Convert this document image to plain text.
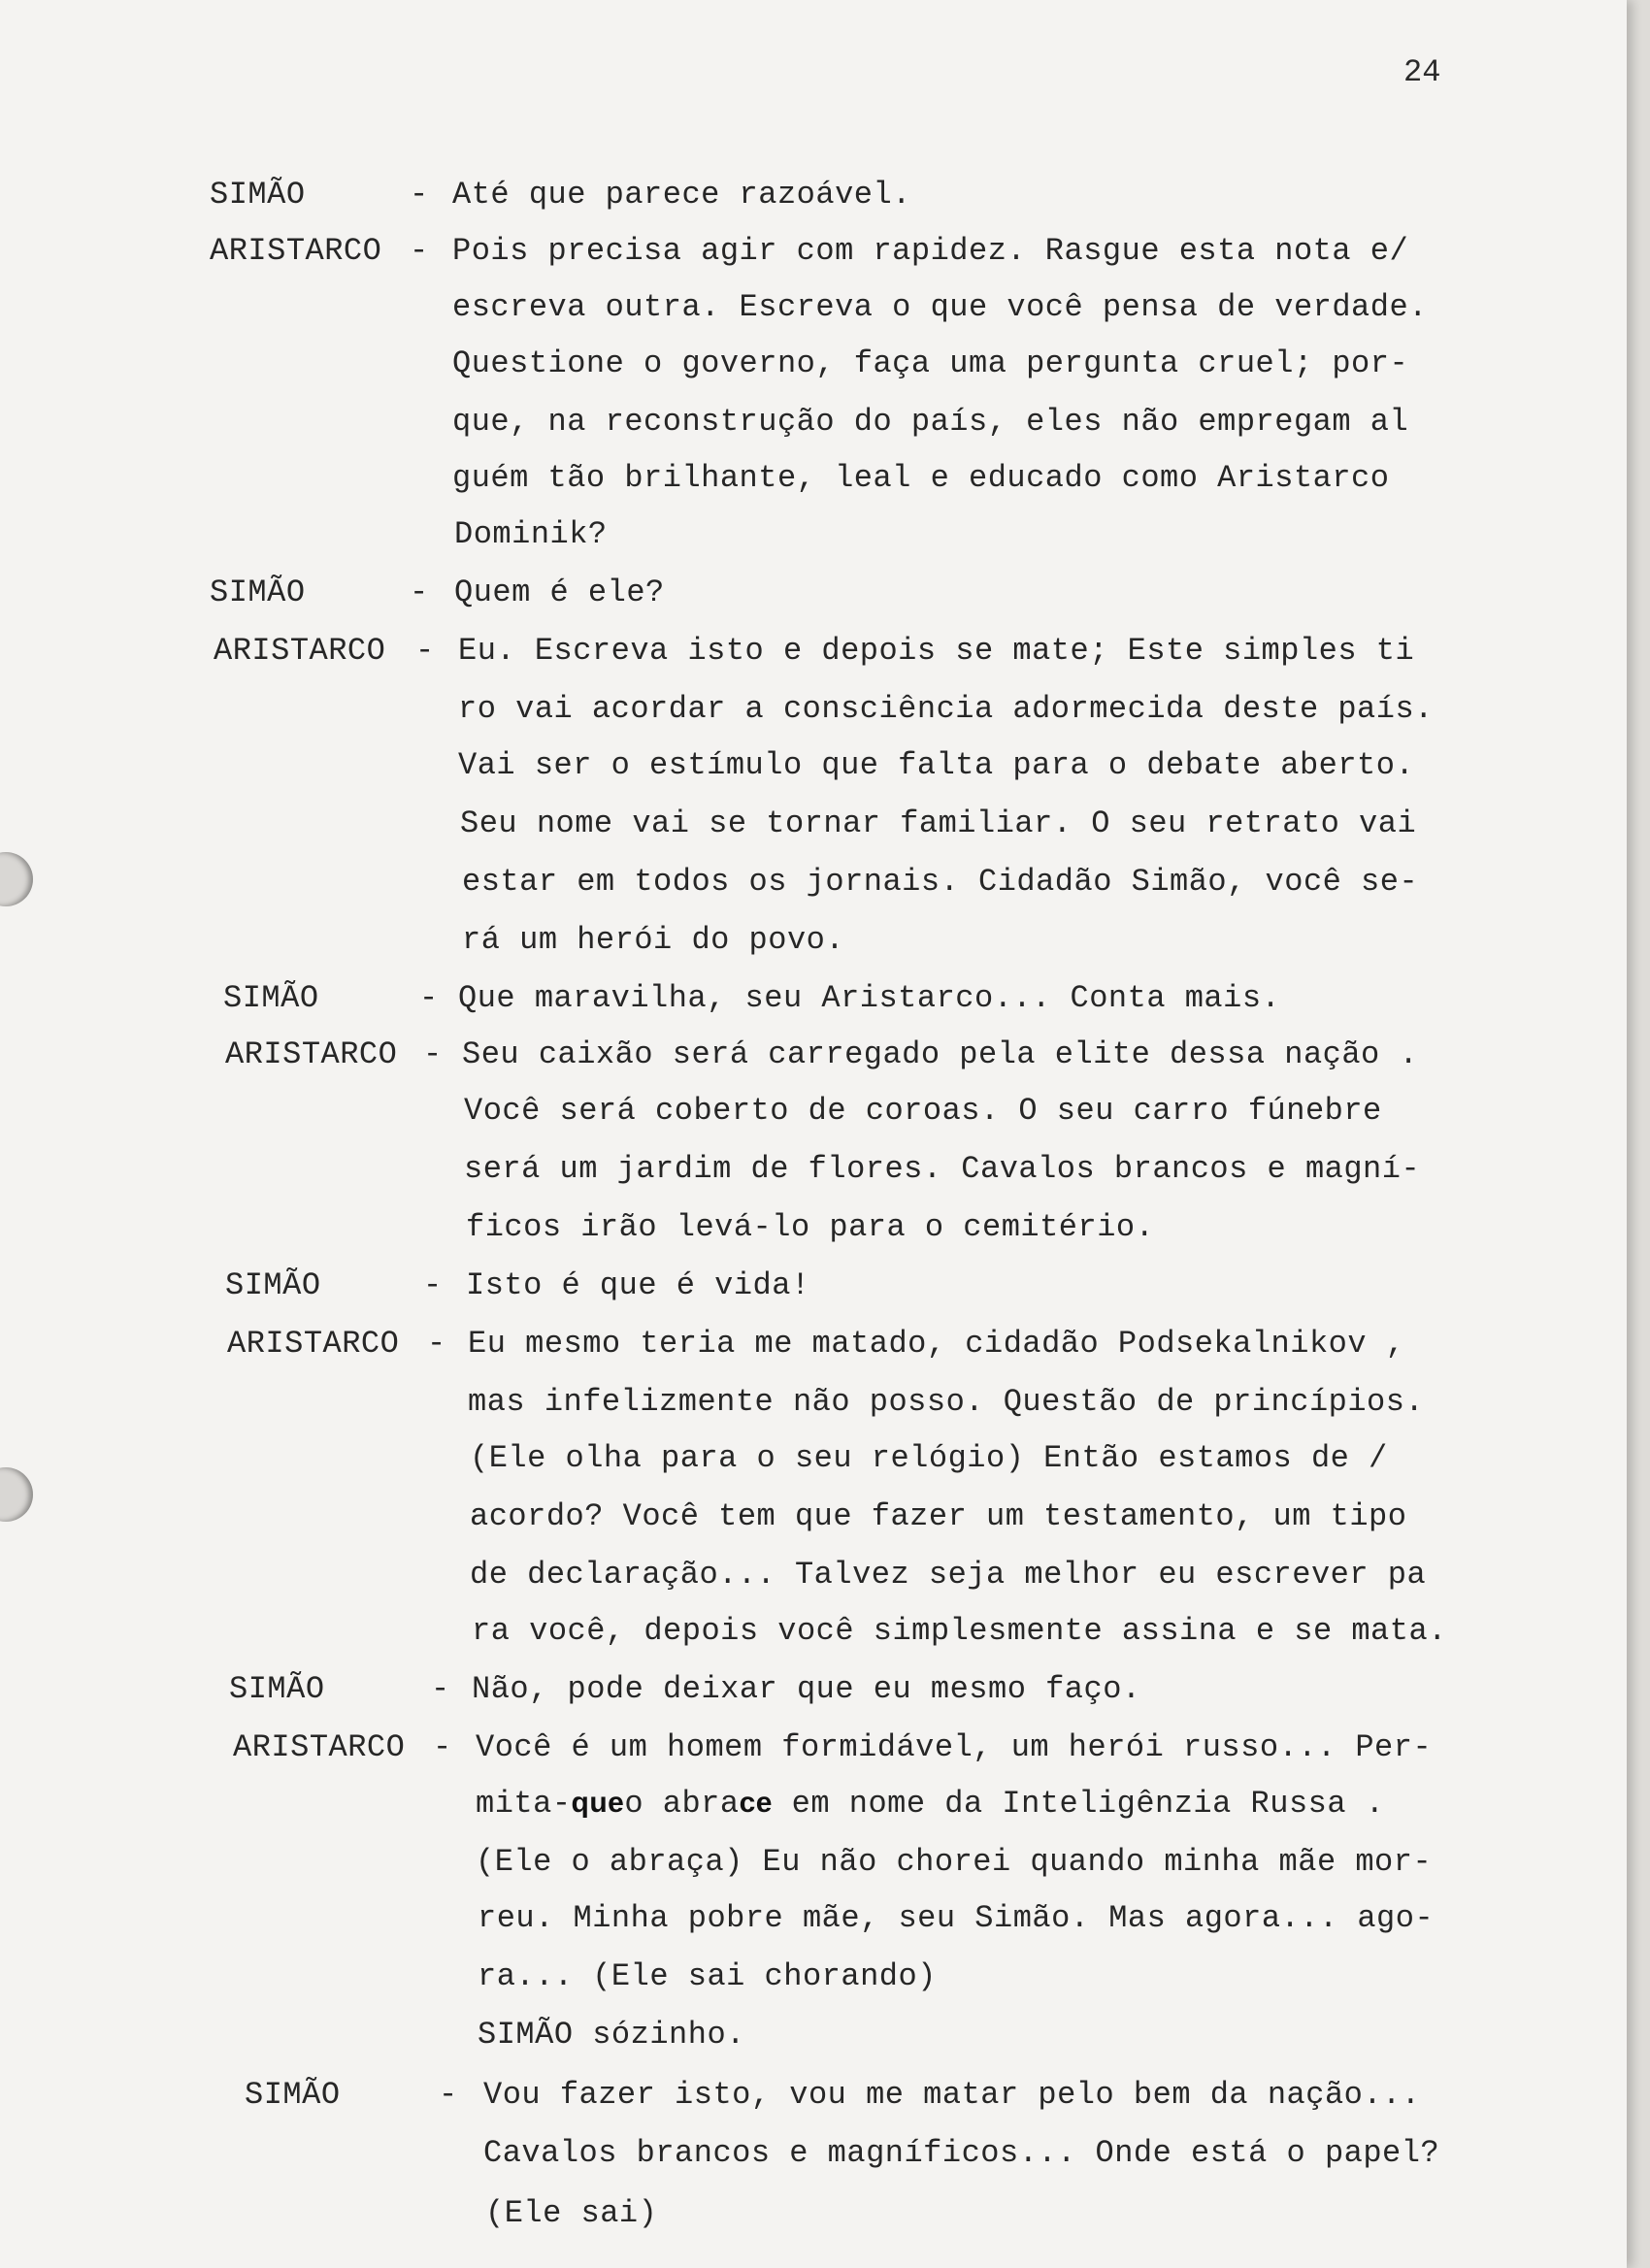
24
SIMÃO	- Até que parece razoável.
ARISTARCO - Pois precisa agir com rapidez. Rasgue esta nota e/
escreva outra. Escreva o que você pensa de verdade.
Questione o governo, faça uma pergunta cruel; por-
que, na reconstrução do país, eles não empregam al
guém tão brilhante, leal e educado como Aristarco
Dominik?
SIMÃO	- Quem é ele?
ARISTARCO - Eu. Escreva isto e depois se mate; Este simples ti
ro vai acordar a consciência adormecida deste país.
Vai ser o estímulo que falta para o debate aberto.
Seu nome vai se tornar familiar. O seu retrato vai
estar em todos os jornais. Cidadão Simão, você se-
rá um herói do povo.
SIMÃO	- Que maravilha, seu Aristarco... Conta mais.
ARISTARCO - Seu caixão será carregado pela elite dessa nação .
Você será coberto de coroas. O seu carro fúnebre
será um jardim de flores. Cavalos brancos e magní-
ficos irão levá-lo para o cemitério.
SIMÃO	- Isto é que é vida!
ARISTARCO - Eu mesmo teria me matado, cidadão Podsekalnikov ,
mas infelizmente não posso. Questão de princípios.
(Ele olha para o seu relógio) Então estamos de /
acordo? Você tem que fazer um testamento, um tipo
de declaração... Talvez seja melhor eu escrever pa
ra você, depois você simplesmente assina e se mata.
SIMÃO	- Não, pode deixar que eu mesmo faço.
ARISTARCO - Você é um homem formidável, um herói russo... Per-
mita-queo abrace em nome da Inteligênzia Russa .
(Ele o abraça) Eu não chorei quando minha mãe mor-
reu. Minha pobre mãe, seu Simão. Mas agora... ago-
ra... (Ele sai chorando)
SIMÃO sózinho.
SIMÃO	- Vou fazer isto, vou me matar pelo bem da nação...
Cavalos brancos e magníficos... Onde está o papel?
(Ele sai)
